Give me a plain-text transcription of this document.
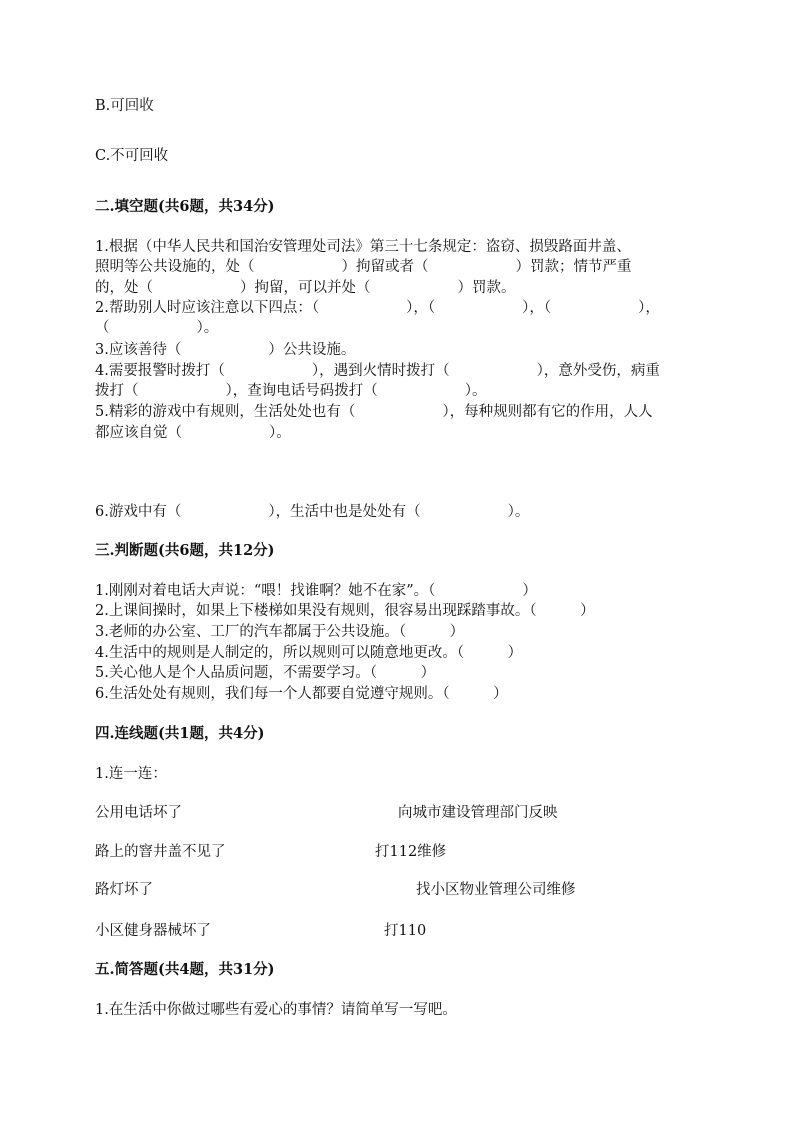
B.可回收

C.不可回收

二.填空题(共6题，共34分)

1.根据（中华人民共和国治安管理处司法》第三十七条规定：盗窃、损毁路面井盖、

照明等公共设施的，处（　　　　　　）拘留或者（　　　　　　）罚款；情节严重

的，处（　　　　　　）拘留，可以并处（　　　　　　）罚款。

2.帮助别人时应该注意以下四点：（　　　　　　），（　　　　　　），（　　　　　　），

（　　　　　　）。

3.应该善待（　　　　　　）公共设施。

4.需要报警时拨打（　　　　　　），遇到火情时拨打（　　　　　　），意外受伤，病重

拨打（　　　　　　），查询电话号码拨打（　　　　　　）。

5.精彩的游戏中有规则，生活处处也有（　　　　　　），每种规则都有它的作用，人人

都应该自觉（　　　　　　）。

6.游戏中有（　　　　　　），生活中也是处处有（　　　　　　）。

三.判断题(共6题，共12分)

1.刚刚对着电话大声说：“喂！找谁啊？她不在家”。（　　　　　　）

2.上课间操时，如果上下楼梯如果没有规则，很容易出现踩踏事故。（　　　）

3.老师的办公室、工厂的汽车都属于公共设施。（　　　）

4.生活中的规则是人制定的，所以规则可以随意地更改。（　　　）

5.关心他人是个人品质问题，不需要学习。（　　　）

6.生活处处有规则，我们每一个人都要自觉遵守规则。（　　　）

四.连线题(共1题，共4分)

1.连一连：

公用电话坏了	向城市建设管理部门反映

路上的窨井盖不见了	打112维修

路灯坏了	找小区物业管理公司维修

小区健身器械坏了	打110

五.简答题(共4题，共31分)

1.在生活中你做过哪些有爱心的事情？请简单写一写吧。
